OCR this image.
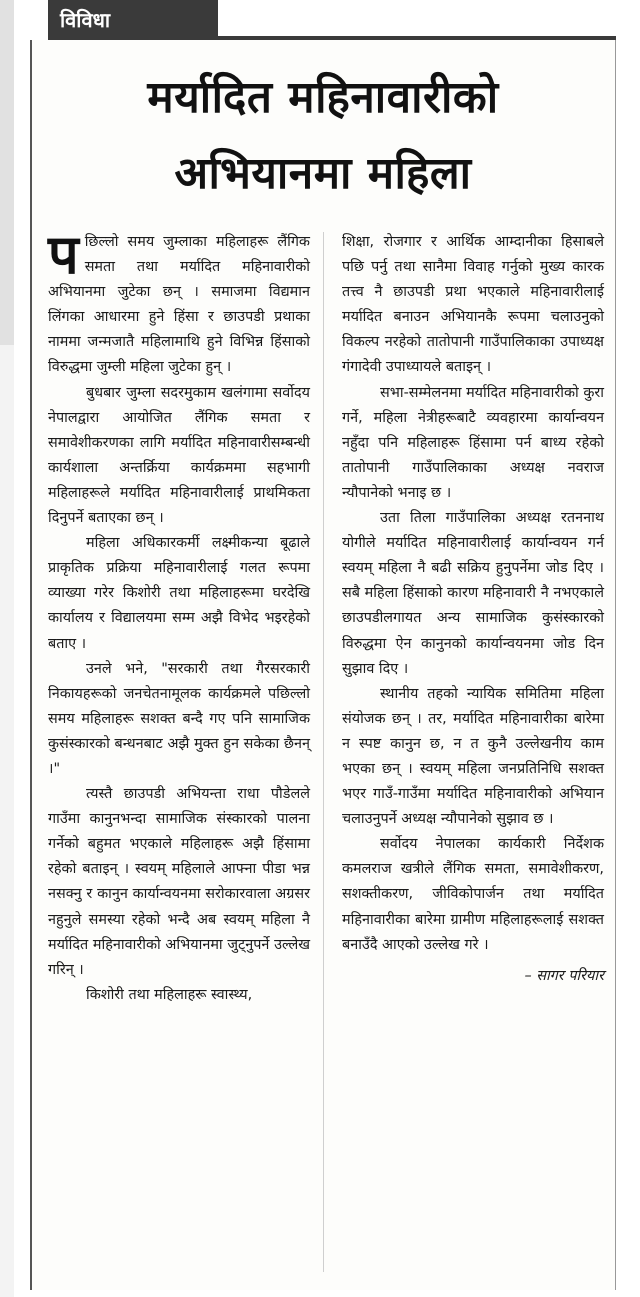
विविधा
मर्यादित महिनावारीको
अभियानमा महिला

प छिल्लो समय जुम्लाका महिलाहरू लैंगिक समता तथा मर्यादित महिनावारीको अभियानमा जुटेका छन् । समाजमा विद्यमान लिंगका आधारमा हुने हिंसा र छाउपडी प्रथाका नाममा जन्मजातै महिलामाथि हुने विभिन्न हिंसाको विरुद्धमा जुम्ली महिला जुटेका हुन् ।

बुधबार जुम्ला सदरमुकाम खलंगामा सर्वोदय नेपालद्वारा आयोजित लैंगिक समता र समावेशीकरणका लागि मर्यादित महिनावारीसम्बन्धी कार्यशाला अन्तर्क्रिया कार्यक्रममा सहभागी महिलाहरूले मर्यादित महिनावारीलाई प्राथमिकता दिनुपर्ने बताएका छन् ।

महिला अधिकारकर्मी लक्ष्मीकन्या बूढाले प्राकृतिक प्रक्रिया महिनावारीलाई गलत रूपमा व्याख्या गरेर किशोरी तथा महिलाहरूमा घरदेखि कार्यालय र विद्यालयमा सम्म अझै विभेद भइरहेको बताए ।

उनले भने, "सरकारी तथा गैरसरकारी निकायहरूको जनचेतनामूलक कार्यक्रमले पछिल्लो समय महिलाहरू सशक्त बन्दै गए पनि सामाजिक कुसंस्कारको बन्धनबाट अझै मुक्त हुन सकेका छैनन् ।"

त्यस्तै छाउपडी अभियन्ता राधा पौडेलले गाउँमा कानुनभन्दा सामाजिक संस्कारको पालना गर्नेको बहुमत भएकाले महिलाहरू अझै हिंसामा रहेको बताइन् । स्वयम् महिलाले आफ्ना पीडा भन्न नसक्नु र कानुन कार्यान्वयनमा सरोकारवाला अग्रसर नहुनुले समस्या रहेको भन्दै अब स्वयम् महिला नै मर्यादित महिनावारीको अभियानमा जुट्नुपर्ने उल्लेख गरिन् ।

किशोरी तथा महिलाहरू स्वास्थ्य,

शिक्षा, रोजगार र आर्थिक आम्दानीका हिसाबले पछि पर्नु तथा सानैमा विवाह गर्नुको मुख्य कारक तत्त्व नै छाउपडी प्रथा भएकाले महिनावारीलाई मर्यादित बनाउन अभियानकै रूपमा चलाउनुको विकल्प नरहेको तातोपानी गाउँपालिकाका उपाध्यक्ष गंगादेवी उपाध्यायले बताइन् ।

सभा-सम्मेलनमा मर्यादित महिनावारीको कुरा गर्ने, महिला नेत्रीहरूबाटै व्यवहारमा कार्यान्वयन नहुँदा पनि महिलाहरू हिंसामा पर्न बाध्य रहेको तातोपानी गाउँपालिकाका अध्यक्ष नवराज न्यौपानेको भनाइ छ ।

उता तिला गाउँपालिका अध्यक्ष रतननाथ योगीले मर्यादित महिनावारीलाई कार्यान्वयन गर्न स्वयम् महिला नै बढी सक्रिय हुनुपर्नेमा जोड दिए । सबै महिला हिंसाको कारण महिनावारी नै नभएकाले छाउपडीलगायत अन्य सामाजिक कुसंस्कारको विरुद्धमा ऐन कानुनको कार्यान्वयनमा जोड दिन सुझाव दिए ।

स्थानीय तहको न्यायिक समितिमा महिला संयोजक छन् । तर, मर्यादित महिनावारीका बारेमा न स्पष्ट कानुन छ, न त कुनै उल्लेखनीय काम भएका छन् । स्वयम् महिला जनप्रतिनिधि सशक्त भएर गाउँ-गाउँमा मर्यादित महिनावारीको अभियान चलाउनुपर्ने अध्यक्ष न्यौपानेको सुझाव छ ।

सर्वोदय नेपालका कार्यकारी निर्देशक कमलराज खत्रीले लैंगिक समता, समावेशीकरण, सशक्तीकरण, जीविकोपार्जन तथा मर्यादित महिनावारीका बारेमा ग्रामीण महिलाहरूलाई सशक्त बनाउँदै आएको उल्लेख गरे ।

– सागर परियार
